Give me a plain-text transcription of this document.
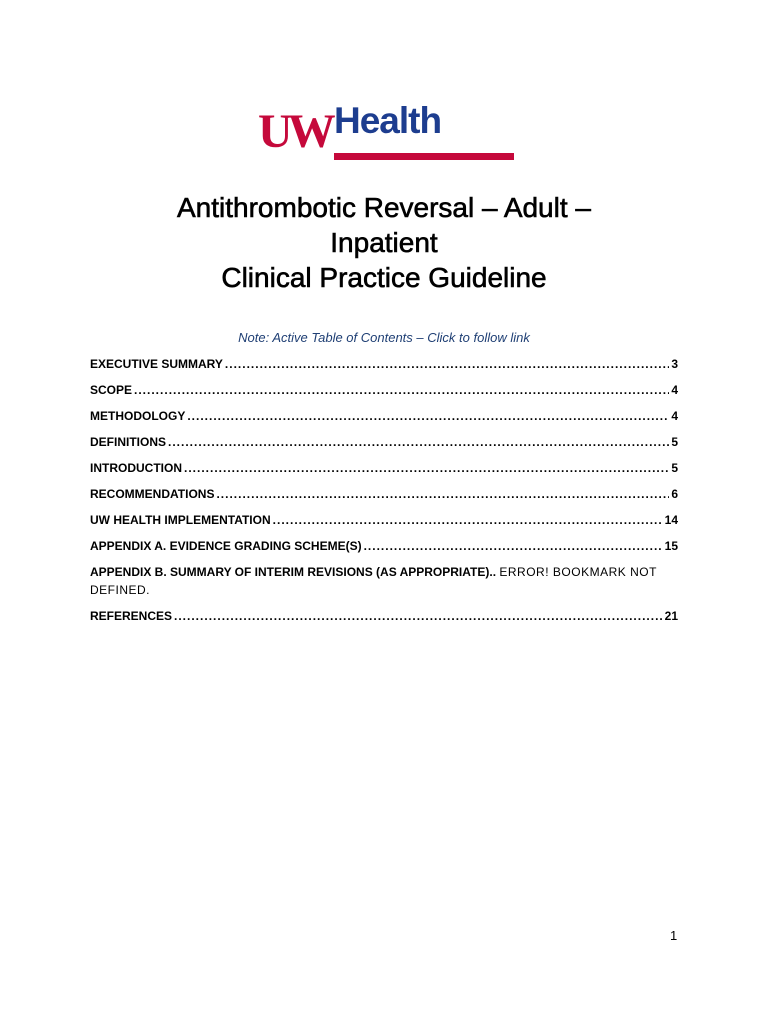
UW Health
Antithrombotic Reversal – Adult –
Inpatient
Clinical Practice Guideline
Note: Active Table of Contents – Click to follow link
EXECUTIVE SUMMARY .....	3
SCOPE .....	4
METHODOLOGY .....	4
DEFINITIONS .....	5
INTRODUCTION .....	5
RECOMMENDATIONS .....	6
UW HEALTH IMPLEMENTATION .....	14
APPENDIX A. EVIDENCE GRADING SCHEME(S) .....	15
APPENDIX B. SUMMARY OF INTERIM REVISIONS (AS APPROPRIATE).. ERROR! BOOKMARK NOT DEFINED.
REFERENCES .....	21
1
